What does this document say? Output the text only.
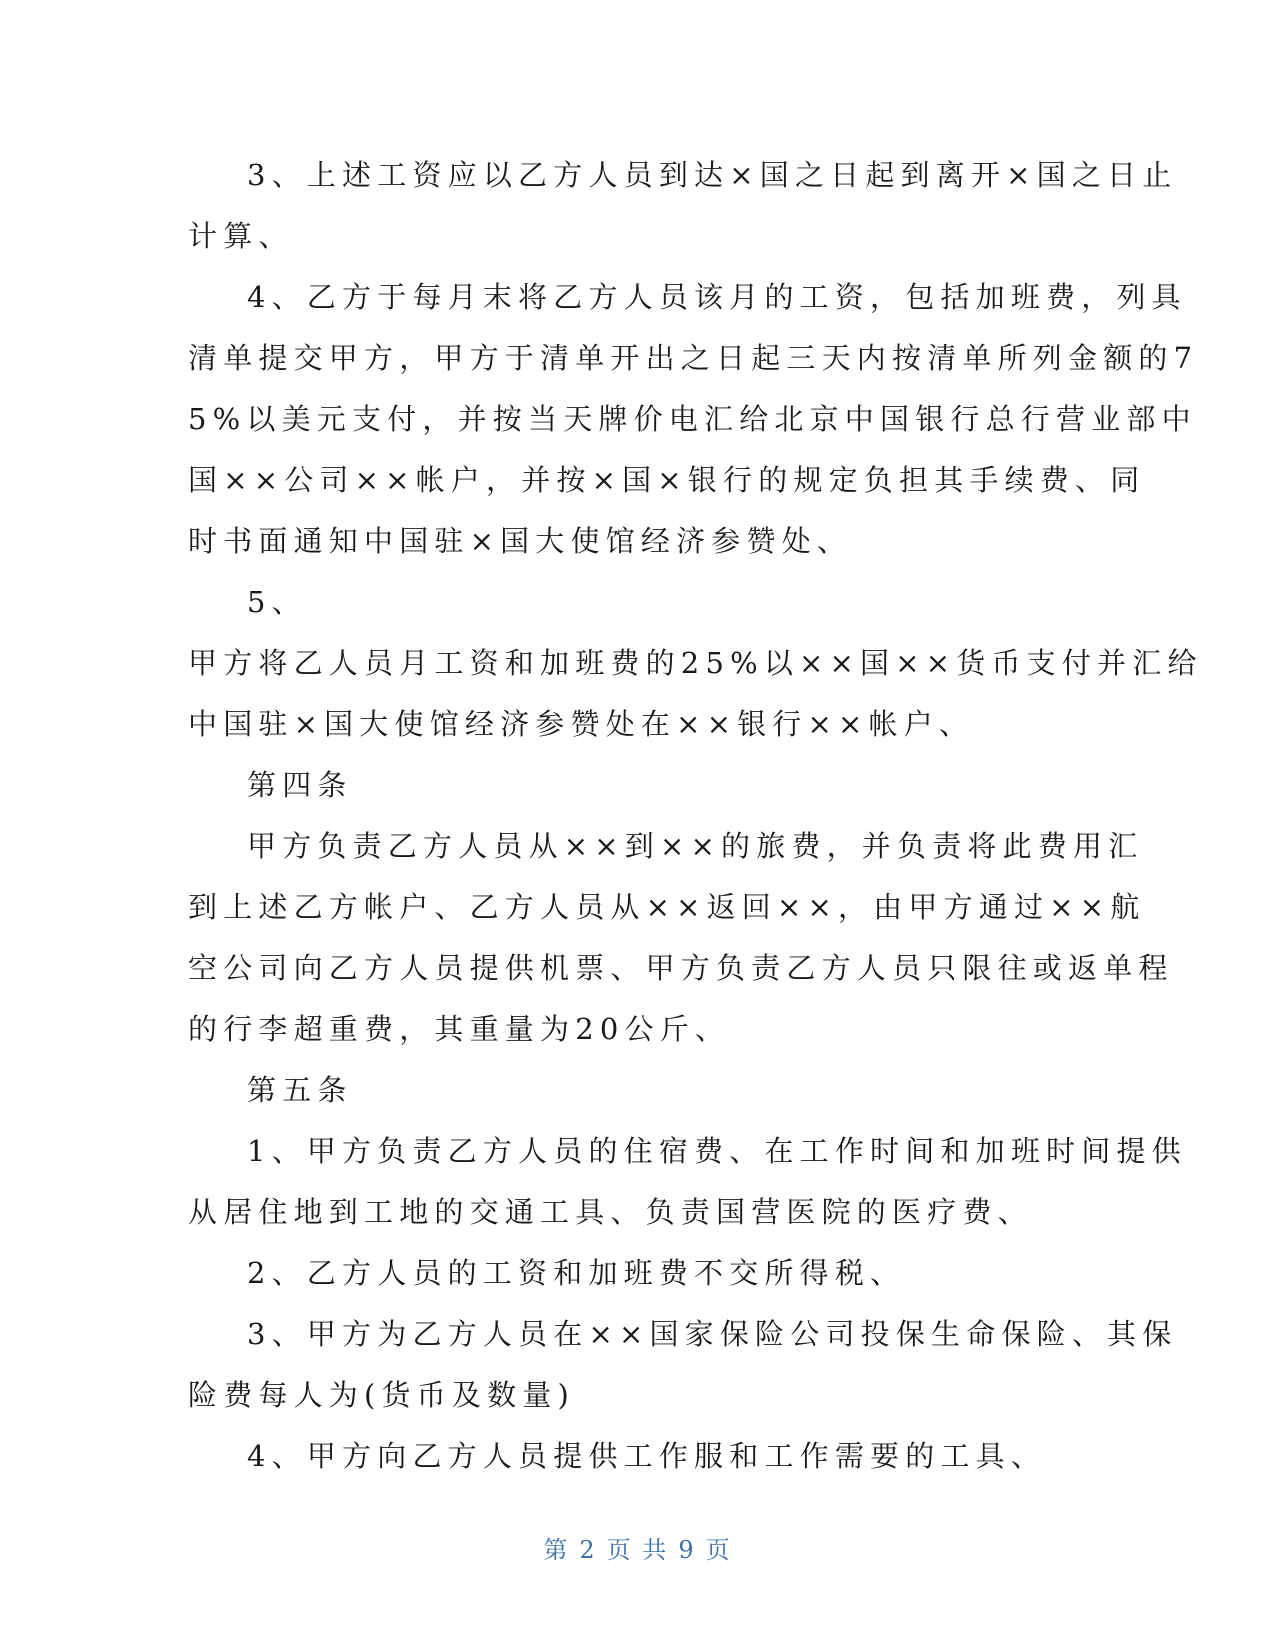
3、上述工资应以乙方人员到达×国之日起到离开×国之日止
计算、
4、乙方于每月末将乙方人员该月的工资，包括加班费，列具
清单提交甲方，甲方于清单开出之日起三天内按清单所列金额的7
5%以美元支付，并按当天牌价电汇给北京中国银行总行营业部中
国××公司××帐户，并按×国×银行的规定负担其手续费、同
时书面通知中国驻×国大使馆经济参赞处、
5、
甲方将乙人员月工资和加班费的25%以××国××货币支付并汇给
中国驻×国大使馆经济参赞处在××银行××帐户、
第四条
甲方负责乙方人员从××到××的旅费，并负责将此费用汇
到上述乙方帐户、乙方人员从××返回××，由甲方通过××航
空公司向乙方人员提供机票、甲方负责乙方人员只限往或返单程
的行李超重费，其重量为20公斤、
第五条
1、甲方负责乙方人员的住宿费、在工作时间和加班时间提供
从居住地到工地的交通工具、负责国营医院的医疗费、
2、乙方人员的工资和加班费不交所得税、
3、甲方为乙方人员在××国家保险公司投保生命保险、其保
险费每人为(货币及数量)
4、甲方向乙方人员提供工作服和工作需要的工具、
第 2 页 共 9 页
